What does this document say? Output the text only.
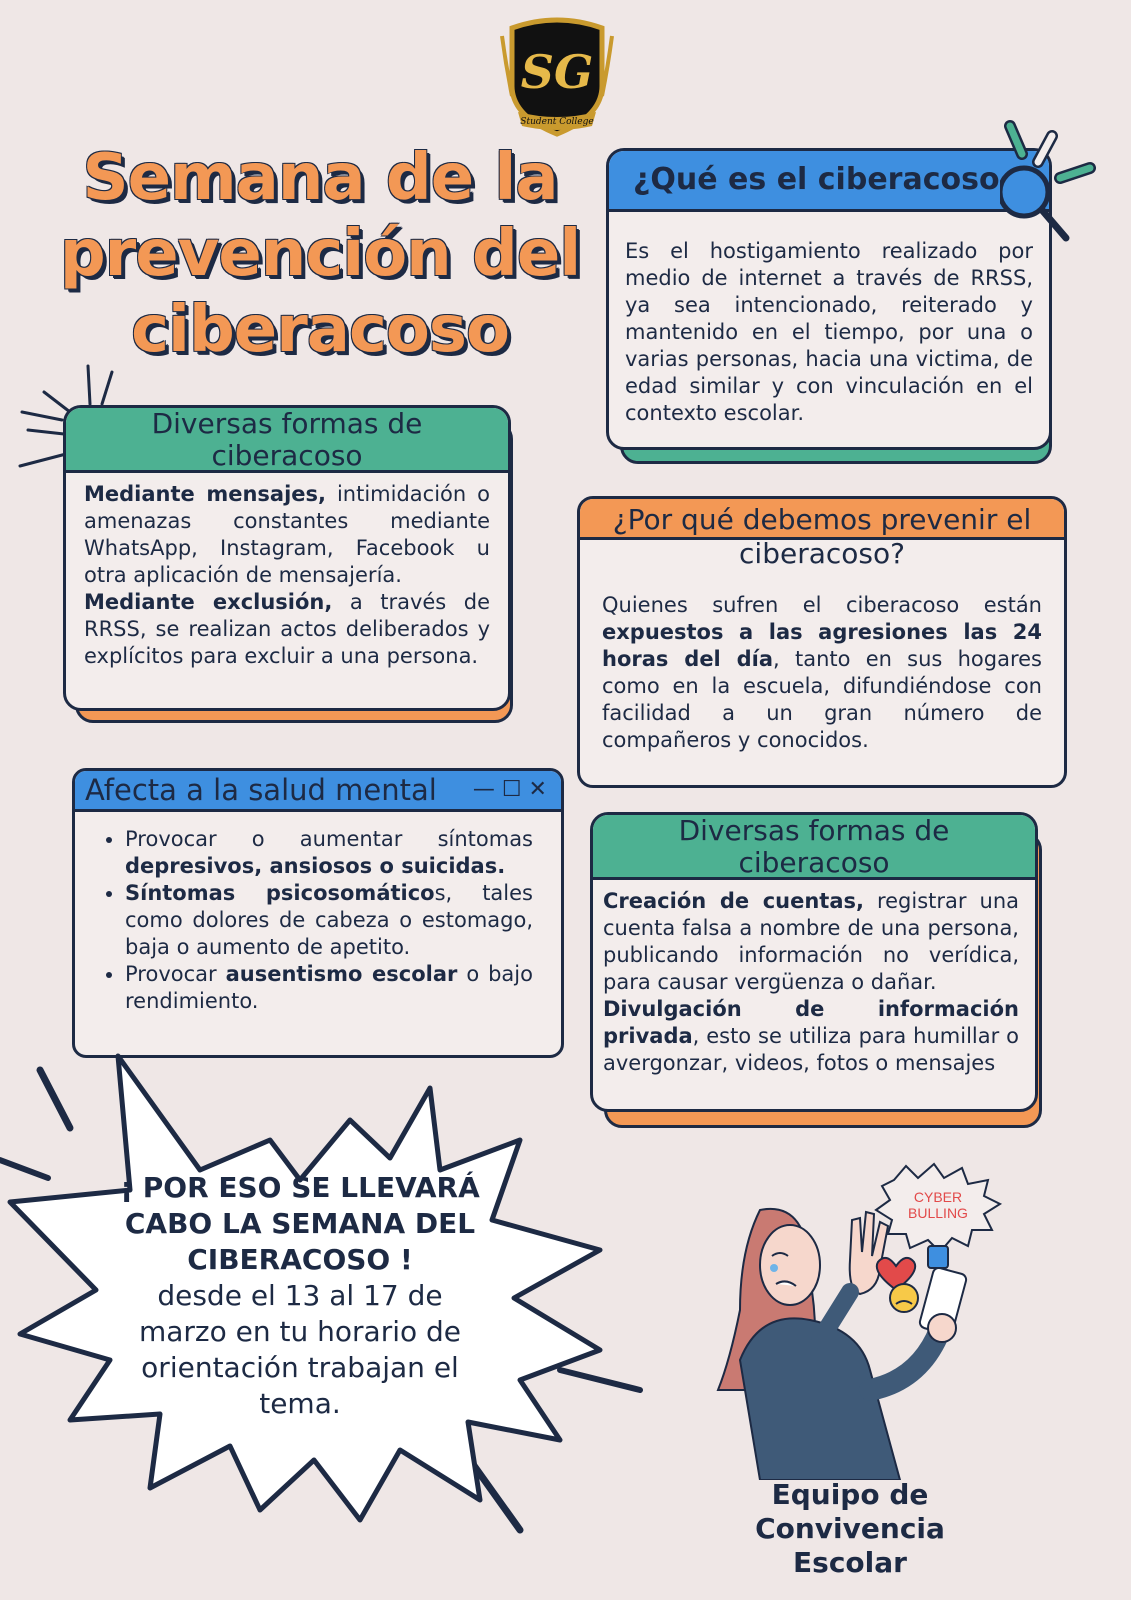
SG
Student College
Semana de la
prevención del
ciberacoso
¿Qué es el ciberacoso

Es el hostigamiento realizado por medio de internet a través de RRSS, ya sea intencionado, reiterado y mantenido en el tiempo, por una o varias personas, hacia una victima, de edad similar y con vinculación en el contexto escolar.

Diversas formas de ciberacoso

Mediante mensajes, intimidación o amenazas constantes mediante WhatsApp, Instagram, Facebook u otra aplicación de mensajería.

Mediante exclusión, a través de RRSS, se realizan actos deliberados y explícitos para excluir a una persona.

¿Por qué debemos prevenir el ciberacoso?

Quienes sufren el ciberacoso están expuestos a las agresiones las 24 horas del día, tanto en sus hogares como en la escuela, difundiéndose con facilidad a un gran número de compañeros y conocidos.

Afecta a la salud mental — ☐ ✕
• Provocar o aumentar síntomas depresivos, ansiosos o suicidas.
• Síntomas psicosomáticos, tales como dolores de cabeza o estomago, baja o aumento de apetito.
• Provocar ausentismo escolar o bajo rendimiento.
Diversas formas de ciberacoso

Creación de cuentas, registrar una cuenta falsa a nombre de una persona, publicando información no verídica, para causar vergüenza o dañar.

Divulgación de información privada, esto se utiliza para humillar o avergonzar, videos, fotos o mensajes

¡ POR ESO SE LLEVARÁ
CABO LA SEMANA DEL
CIBERACOSO !
desde el 13 al 17 de marzo en tu horario de orientación trabajan el tema.
CYBER
BULLING
Equipo de Convivencia
Escolar
